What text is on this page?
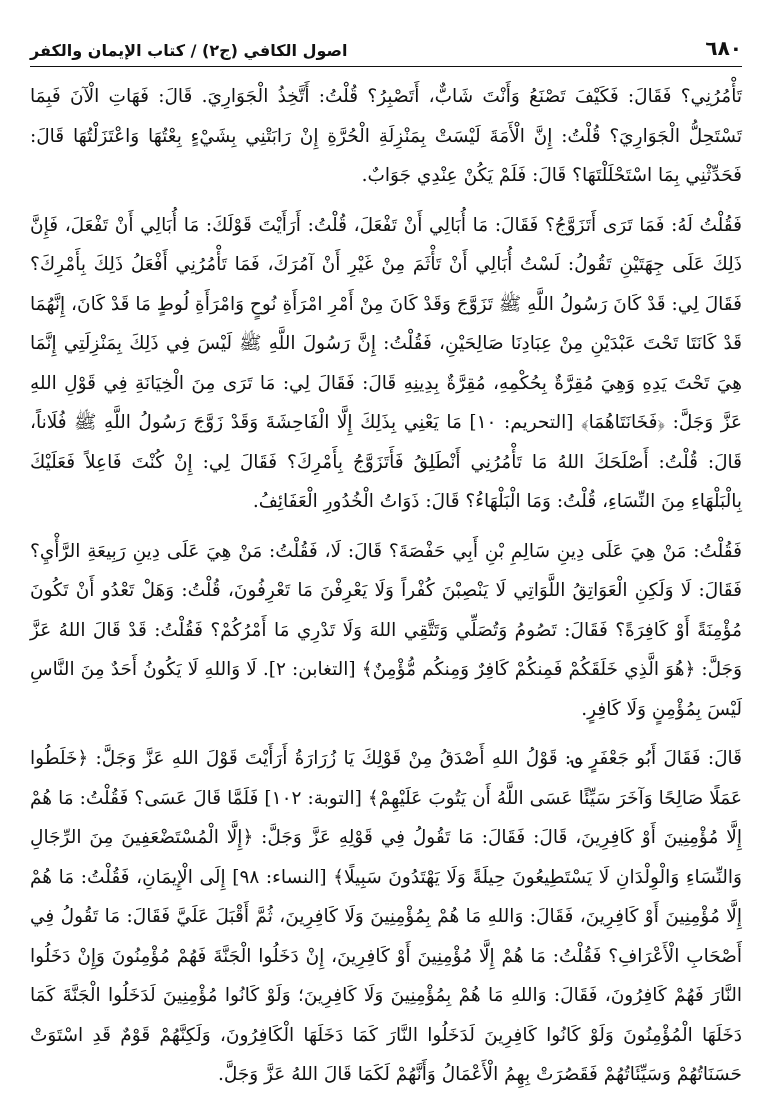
٦٨٠
اصول الكافي (ج٢) / كتاب الإيمان والكفر

تَأْمُرُنِي؟ فَقَالَ: فَكَيْفَ تَصْنَعُ وَأَنْتَ شَابٌّ، أَتَصْبِرُ؟ قُلْتُ: أَتَّخِذُ الْجَوَارِيَ. قَالَ: فَهَاتِ الْآنَ فَبِمَا تَسْتَحِلُّ الْجَوَارِيَ؟ قُلْتُ: إِنَّ الْأَمَةَ لَيْسَتْ بِمَنْزِلَةِ الْحُرَّةِ إِنْ رَابَتْنِي بِشَيْءٍ بِعْتُهَا وَاعْتَزَلْتُهَا قَالَ: فَحَدِّثْنِي بِمَا اسْتَحْلَلْتَهَا؟ قَالَ: فَلَمْ يَكُنْ عِنْدِي جَوَابٌ.

فَقُلْتُ لَهُ: فَمَا تَرَى أَتَزَوَّجُ؟ فَقَالَ: مَا أُبَالِي أَنْ تَفْعَلَ، قُلْتُ: أَرَأَيْتَ قَوْلَكَ: مَا أُبَالِي أَنْ تَفْعَلَ، فَإِنَّ ذَلِكَ عَلَى جِهَتَيْنِ تَقُولُ: لَسْتُ أُبَالِي أَنْ تَأْثَمَ مِنْ غَيْرِ أَنْ آمُرَكَ، فَمَا تَأْمُرُنِي أَفْعَلُ ذَلِكَ بِأَمْرِكَ؟ فَقَالَ لِي: قَدْ كَانَ رَسُولُ اللَّهِ ﷺ تَزَوَّجَ وَقَدْ كَانَ مِنْ أَمْرِ امْرَأَةِ نُوحٍ وَامْرَأَةِ لُوطٍ مَا قَدْ كَانَ، إِنَّهُمَا قَدْ كَانَتَا تَحْتَ عَبْدَيْنِ مِنْ عِبَادِنَا صَالِحَيْنِ، فَقُلْتُ: إِنَّ رَسُولَ اللَّهِ ﷺ لَيْسَ فِي ذَلِكَ بِمَنْزِلَتِي إِنَّمَا هِيَ تَحْتَ يَدِهِ وَهِيَ مُقِرَّةٌ بِحُكْمِهِ، مُقِرَّةٌ بِدِينِهِ قَالَ: فَقَالَ لِي: مَا تَرَى مِنَ الْخِيَانَةِ فِي قَوْلِ اللهِ عَزَّ وَجَلَّ: ﴿فَخَانَتَاهُمَا﴾ [التحريم: ١٠] مَا يَعْنِي بِذَلِكَ إِلَّا الْفَاحِشَةَ وَقَدْ زَوَّجَ رَسُولُ اللَّهِ ﷺ فُلَاناً، قَالَ: قُلْتُ: أَصْلَحَكَ اللهُ مَا تَأْمُرُنِي أَنْطَلِقُ فَأَتَزَوَّجُ بِأَمْرِكَ؟ فَقَالَ لِي: إِنْ كُنْتَ فَاعِلاً فَعَلَيْكَ بِالْبَلْهَاءِ مِنَ النِّسَاءِ، قُلْتُ: وَمَا الْبَلْهَاءُ؟ قَالَ: ذَوَاتُ الْخُدُورِ الْعَفَائِفُ.

فَقُلْتُ: مَنْ هِيَ عَلَى دِينِ سَالِمِ بْنِ أَبِي حَفْصَةَ؟ قَالَ: لَا، فَقُلْتُ: مَنْ هِيَ عَلَى دِينِ رَبِيعَةِ الرَّأْيِ؟ فَقَالَ: لَا وَلَكِنِ الْعَوَاتِقُ اللَّوَاتِي لَا يَنْصِبْنَ كُفْراً وَلَا يَعْرِفْنَ مَا تَعْرِفُونَ، قُلْتُ: وَهَلْ تَعْدُو أَنْ تَكُونَ مُؤْمِنَةً أَوْ كَافِرَةً؟ فَقَالَ: تَصُومُ وَتُصَلِّي وَتَتَّقِي اللهَ وَلَا تَدْرِي مَا أَمْرُكُمْ؟ فَقُلْتُ: قَدْ قَالَ اللهُ عَزَّ وَجَلَّ: ﴿هُوَ الَّذِي خَلَقَكُمْ فَمِنكُمْ كَافِرٌ وَمِنكُم مُّؤْمِنٌ﴾ [التغابن: ٢]. لَا وَاللهِ لَا يَكُونُ أَحَدٌ مِنَ النَّاسِ لَيْسَ بِمُؤْمِنٍ وَلَا كَافِرٍ.

قَالَ: فَقَالَ أَبُو جَعْفَرٍ ؈: قَوْلُ اللهِ أَصْدَقُ مِنْ قَوْلِكَ يَا زُرَارَةُ أَرَأَيْتَ قَوْلَ اللهِ عَزَّ وَجَلَّ: ﴿خَلَطُوا عَمَلًا صَالِحًا وَآخَرَ سَيِّئًا عَسَى اللَّهُ أَن يَتُوبَ عَلَيْهِمْ﴾ [التوبة: ١٠٢] فَلَمَّا قَالَ عَسَى؟ فَقُلْتُ: مَا هُمْ إِلَّا مُؤْمِنِينَ أَوْ كَافِرِينَ، قَالَ: فَقَالَ: مَا تَقُولُ فِي قَوْلِهِ عَزَّ وَجَلَّ: ﴿إِلَّا الْمُسْتَضْعَفِينَ مِنَ الرِّجَالِ وَالنِّسَاءِ وَالْوِلْدَانِ لَا يَسْتَطِيعُونَ حِيلَةً وَلَا يَهْتَدُونَ سَبِيلًا﴾ [النساء: ٩٨] إِلَى الْإِيمَانِ، فَقُلْتُ: مَا هُمْ إِلَّا مُؤْمِنِينَ أَوْ كَافِرِينَ، فَقَالَ: وَاللهِ مَا هُمْ بِمُؤْمِنِينَ وَلَا كَافِرِينَ، ثُمَّ أَقْبَلَ عَلَيَّ فَقَالَ: مَا تَقُولُ فِي أَصْحَابِ الْأَعْرَافِ؟ فَقُلْتُ: مَا هُمْ إِلَّا مُؤْمِنِينَ أَوْ كَافِرِينَ، إِنْ دَخَلُوا الْجَنَّةَ فَهُمْ مُؤْمِنُونَ وَإِنْ دَخَلُوا النَّارَ فَهُمْ كَافِرُونَ، فَقَالَ: وَاللهِ مَا هُمْ بِمُؤْمِنِينَ وَلَا كَافِرِينَ؛ وَلَوْ كَانُوا مُؤْمِنِينَ لَدَخَلُوا الْجَنَّةَ كَمَا دَخَلَهَا الْمُؤْمِنُونَ وَلَوْ كَانُوا كَافِرِينَ لَدَخَلُوا النَّارَ كَمَا دَخَلَهَا الْكَافِرُونَ، وَلَكِنَّهُمْ قَوْمٌ قَدِ اسْتَوَتْ حَسَنَاتُهُمْ وَسَيِّئَاتُهُمْ فَقَصُرَتْ بِهِمُ الْأَعْمَالُ وَأَنَّهُمْ لَكَمَا قَالَ اللهُ عَزَّ وَجَلَّ.
